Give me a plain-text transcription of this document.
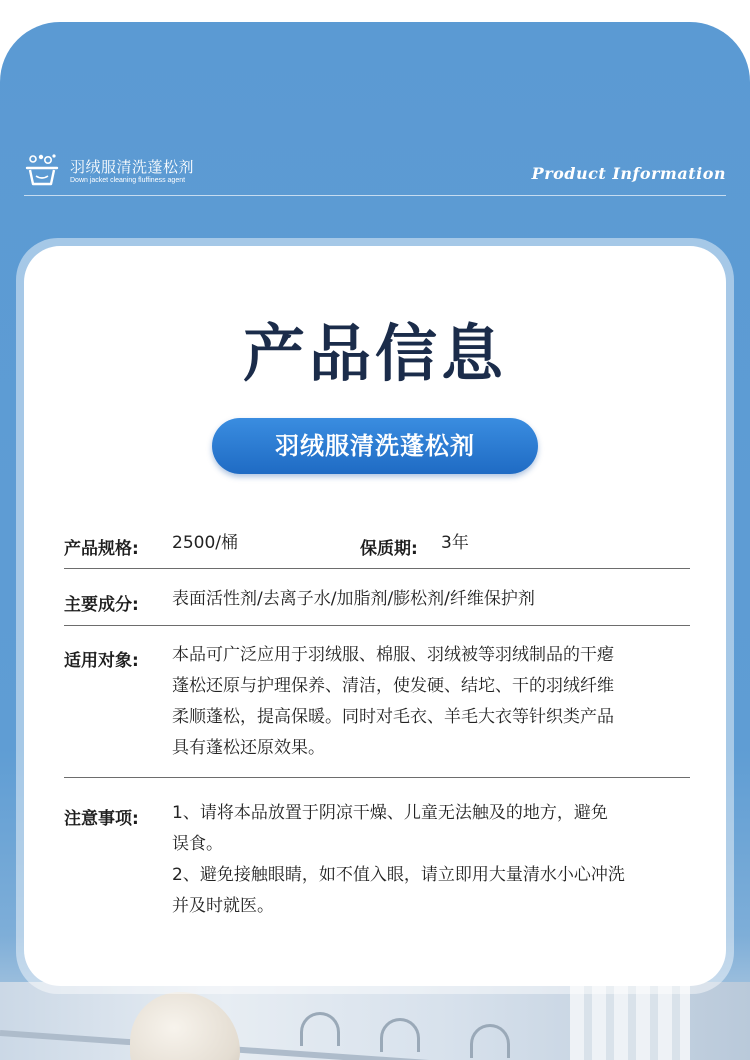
羽绒服清洗蓬松剂
Down jacket cleaning fluffiness agent	Product Information
产品信息
羽绒服清洗蓬松剂
产品规格: 2500/桶	保质期: 3年
主要成分: 表面活性剂/去离子水/加脂剂/膨松剂/纤维保护剂
适用对象: 本品可广泛应用于羽绒服、棉服、羽绒被等羽绒制品的干瘪
蓬松还原与护理保养、清洁，使发硬、结坨、干的羽绒纤维
柔顺蓬松，提高保暖。同时对毛衣、羊毛大衣等针织类产品
具有蓬松还原效果。
注意事项: 1、请将本品放置于阴凉干燥、儿童无法触及的地方，避免
误食。
2、避免接触眼睛，如不值入眼，请立即用大量清水小心冲洗
并及时就医。
